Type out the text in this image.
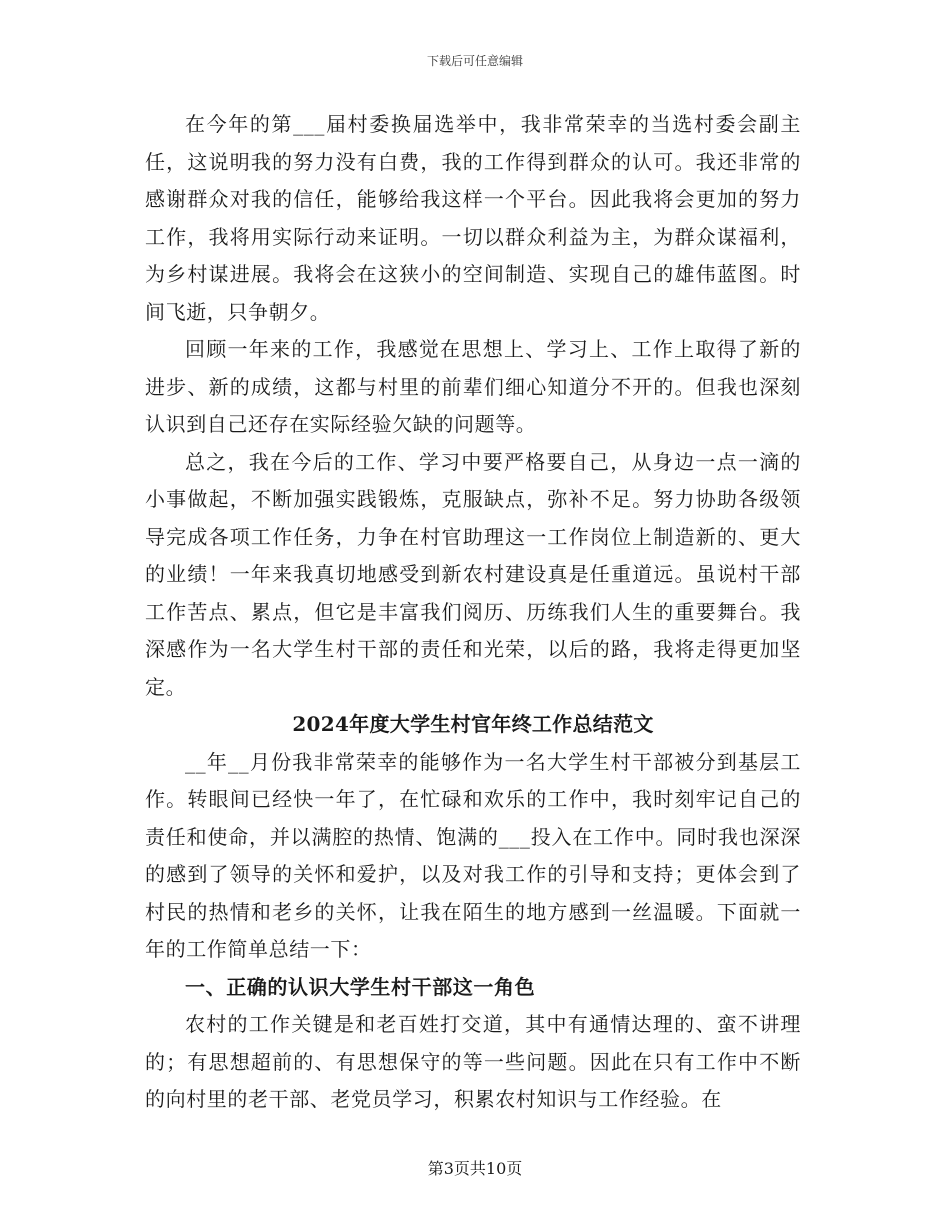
下载后可任意编辑

在今年的第___届村委换届选举中，我非常荣幸的当选村委会副主任，这说明我的努力没有白费，我的工作得到群众的认可。我还非常的感谢群众对我的信任，能够给我这样一个平台。因此我将会更加的努力工作，我将用实际行动来证明。一切以群众利益为主，为群众谋福利，为乡村谋进展。我将会在这狭小的空间制造、实现自己的雄伟蓝图。时间飞逝，只争朝夕。

回顾一年来的工作，我感觉在思想上、学习上、工作上取得了新的进步、新的成绩，这都与村里的前辈们细心知道分不开的。但我也深刻认识到自己还存在实际经验欠缺的问题等。

总之，我在今后的工作、学习中要严格要自己，从身边一点一滴的小事做起，不断加强实践锻炼，克服缺点，弥补不足。努力协助各级领导完成各项工作任务，力争在村官助理这一工作岗位上制造新的、更大的业绩！一年来我真切地感受到新农村建设真是任重道远。虽说村干部工作苦点、累点，但它是丰富我们阅历、历练我们人生的重要舞台。我深感作为一名大学生村干部的责任和光荣，以后的路，我将走得更加坚定。

2024年度大学生村官年终工作总结范文

__年__月份我非常荣幸的能够作为一名大学生村干部被分到基层工作。转眼间已经快一年了，在忙碌和欢乐的工作中，我时刻牢记自己的责任和使命，并以满腔的热情、饱满的___投入在工作中。同时我也深深的感到了领导的关怀和爱护，以及对我工作的引导和支持；更体会到了村民的热情和老乡的关怀，让我在陌生的地方感到一丝温暖。下面就一年的工作简单总结一下：

一、正确的认识大学生村干部这一角色

农村的工作关键是和老百姓打交道，其中有通情达理的、蛮不讲理的；有思想超前的、有思想保守的等一些问题。因此在只有工作中不断的向村里的老干部、老党员学习，积累农村知识与工作经验。在

第3页共10页
